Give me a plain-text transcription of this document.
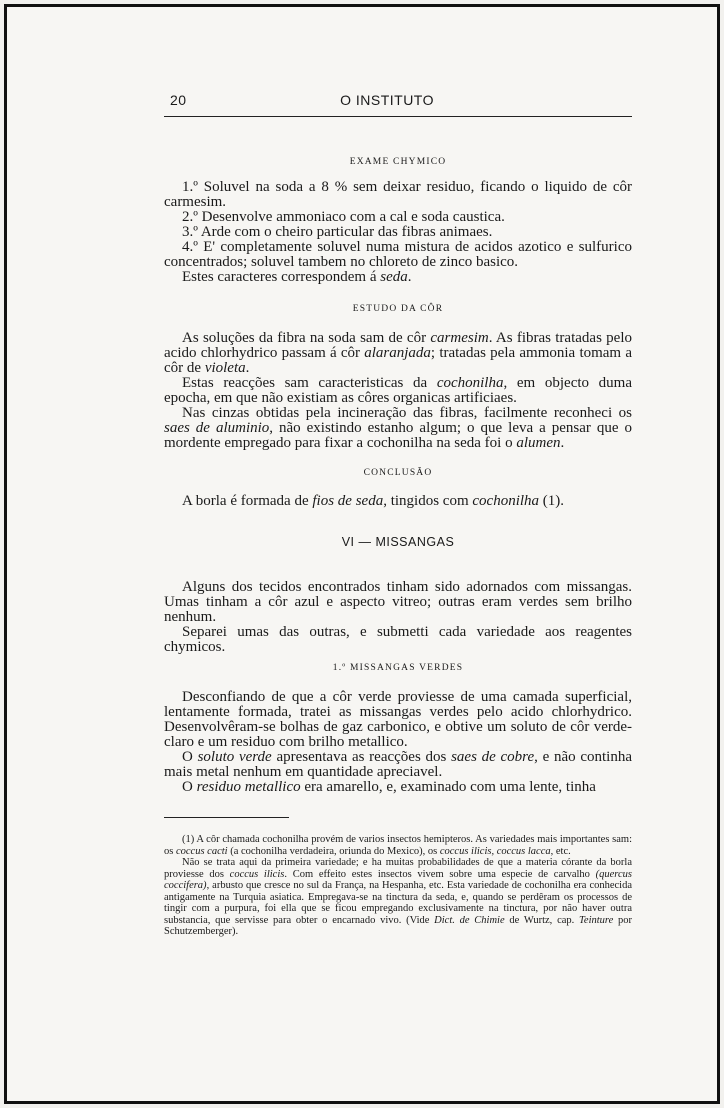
20	O INSTITUTO

EXAME CHYMICO

1.º Soluvel na soda a 8 % sem deixar residuo, ficando o liquido de côr carmesim.

2.º Desenvolve ammoniaco com a cal e soda caustica.

3.º Arde com o cheiro particular das fibras animaes.

4.º E' completamente soluvel numa mistura de acidos azotico e sulfurico concentrados; soluvel tambem no chloreto de zinco basico.

Estes caracteres correspondem á seda.

ESTUDO DA CÔR

As soluções da fibra na soda sam de côr carmesim. As fibras tratadas pelo acido chlorhydrico passam á côr alaranjada; tratadas pela ammonia tomam a côr de violeta.

Estas reacções sam caracteristicas da cochonilha, em objecto duma epocha, em que não existiam as côres organicas artificiaes.

Nas cinzas obtidas pela incineração das fibras, facilmente reconheci os saes de aluminio, não existindo estanho algum; o que leva a pensar que o mordente empregado para fixar a cochonilha na seda foi o alumen.

CONCLUSÃO

A borla é formada de fios de seda, tingidos com cochonilha (1).

VI — MISSANGAS

Alguns dos tecidos encontrados tinham sido adornados com missangas. Umas tinham a côr azul e aspecto vitreo; outras eram verdes sem brilho nenhum.

Separei umas das outras, e submetti cada variedade aos reagentes chymicos.

1.º MISSANGAS VERDES

Desconfiando de que a côr verde proviesse de uma camada superficial, lentamente formada, tratei as missangas verdes pelo acido chlorhydrico. Desenvolvêram-se bolhas de gaz carbonico, e obtive um soluto de côr verde-claro e um residuo com brilho metallico.

O soluto verde apresentava as reacções dos saes de cobre, e não continha mais metal nenhum em quantidade apreciavel.

O residuo metallico era amarello, e, examinado com uma lente, tinha

(1) A côr chamada cochonilha provém de varios insectos hemipteros. As variedades mais importantes sam: os coccus cacti (a cochonilha verdadeira, oriunda do Mexico), os coccus ilicis, coccus lacca, etc.

Não se trata aqui da primeira variedade; e ha muitas probabilidades de que a materia córante da borla proviesse dos coccus ilicis. Com effeito estes insectos vivem sobre uma especie de carvalho (quercus coccifera), arbusto que cresce no sul da França, na Hespanha, etc. Esta variedade de cochonilha era conhecida antigamente na Turquia asiatica. Empregava-se na tinctura da seda, e, quando se perdêram os processos de tingir com a purpura, foi ella que se ficou empregando exclusivamente na tinctura, por não haver outra substancia, que servisse para obter o encarnado vivo. (Vide Dict. de Chimie de Wurtz, cap. Teinture por Schutzemberger).
